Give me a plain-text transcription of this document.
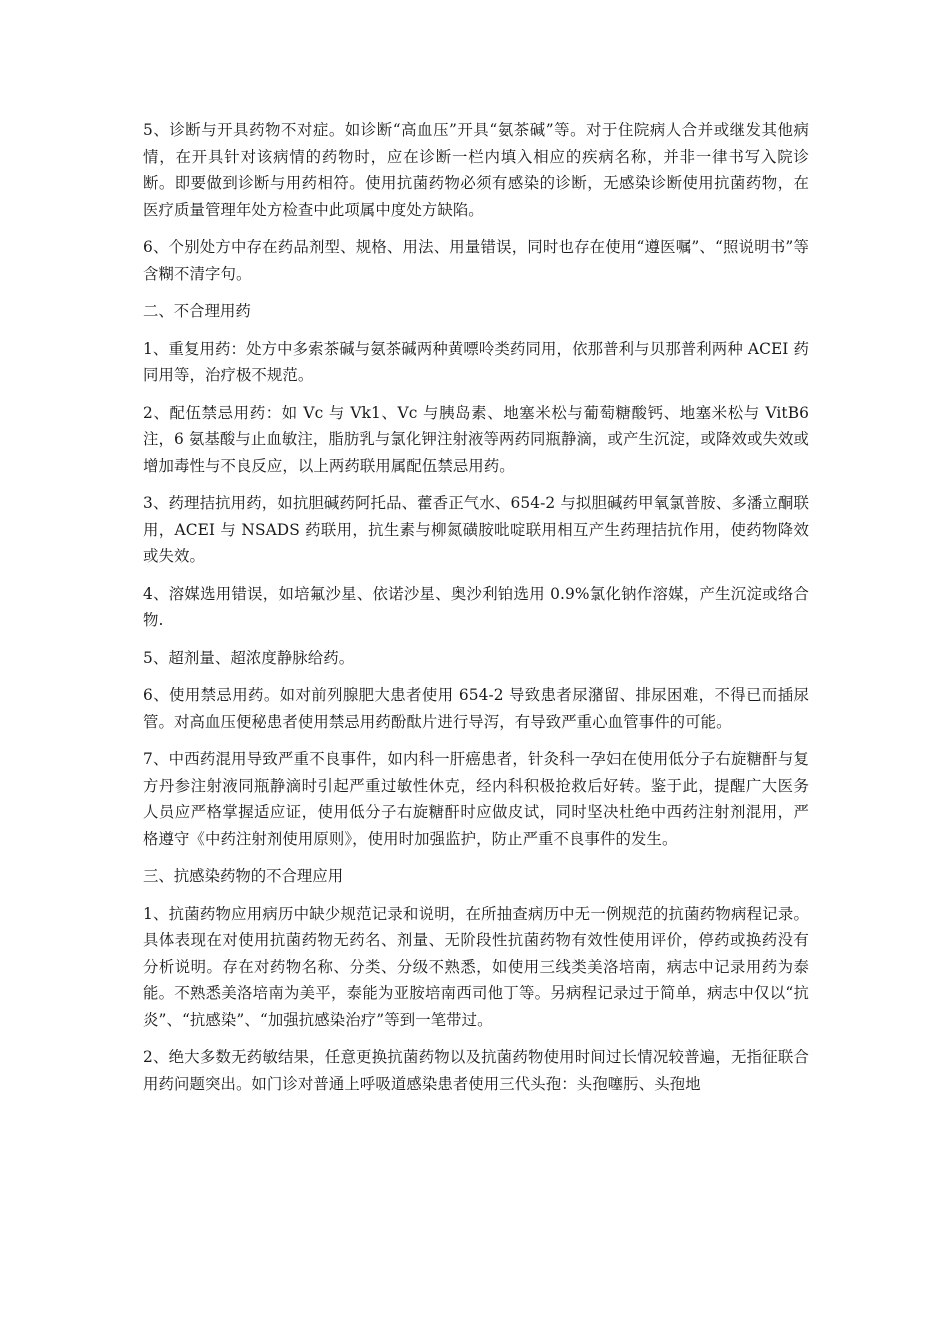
5、诊断与开具药物不对症。如诊断“高血压”开具“氨茶碱”等。对于住院病人合并或继发其他病情，在开具针对该病情的药物时，应在诊断一栏内填入相应的疾病名称，并非一律书写入院诊断。即要做到诊断与用药相符。使用抗菌药物必须有感染的诊断，无感染诊断使用抗菌药物，在医疗质量管理年处方检查中此项属中度处方缺陷。

6、个别处方中存在药品剂型、规格、用法、用量错误，同时也存在使用“遵医嘱”、“照说明书”等含糊不清字句。

二、不合理用药

1、重复用药：处方中多索茶碱与氨茶碱两种黄嘌呤类药同用，依那普利与贝那普利两种 ACEI 药同用等，治疗极不规范。

2、配伍禁忌用药：如 Vc 与 Vk1、Vc 与胰岛素、地塞米松与葡萄糖酸钙、地塞米松与 VitB6 注，6 氨基酸与止血敏注，脂肪乳与氯化钾注射液等两药同瓶静滴，或产生沉淀，或降效或失效或增加毒性与不良反应，以上两药联用属配伍禁忌用药。

3、药理拮抗用药，如抗胆碱药阿托品、藿香正气水、654-2 与拟胆碱药甲氧氯普胺、多潘立酮联用，ACEI 与 NSADS 药联用，抗生素与柳氮磺胺吡啶联用相互产生药理拮抗作用，使药物降效或失效。

4、溶媒选用错误，如培氟沙星、依诺沙星、奥沙利铂选用 0.9%氯化钠作溶媒，产生沉淀或络合物.

5、超剂量、超浓度静脉给药。

6、使用禁忌用药。如对前列腺肥大患者使用 654-2 导致患者尿潴留、排尿困难，不得已而插尿管。对高血压便秘患者使用禁忌用药酚酞片进行导泻，有导致严重心血管事件的可能。

7、中西药混用导致严重不良事件，如内科一肝癌患者，针灸科一孕妇在使用低分子右旋糖酐与复方丹参注射液同瓶静滴时引起严重过敏性休克，经内科积极抢救后好转。鉴于此，提醒广大医务人员应严格掌握适应证，使用低分子右旋糖酐时应做皮试，同时坚决杜绝中西药注射剂混用，严格遵守《中药注射剂使用原则》，使用时加强监护，防止严重不良事件的发生。

三、抗感染药物的不合理应用

1、抗菌药物应用病历中缺少规范记录和说明，在所抽查病历中无一例规范的抗菌药物病程记录。具体表现在对使用抗菌药物无药名、剂量、无阶段性抗菌药物有效性使用评价，停药或换药没有分析说明。存在对药物名称、分类、分级不熟悉，如使用三线类美洛培南，病志中记录用药为泰能。不熟悉美洛培南为美平，泰能为亚胺培南西司他丁等。另病程记录过于简单，病志中仅以“抗炎”、“抗感染”、“加强抗感染治疗”等到一笔带过。

2、绝大多数无药敏结果，任意更换抗菌药物以及抗菌药物使用时间过长情况较普遍，无指征联合用药问题突出。如门诊对普通上呼吸道感染患者使用三代头孢：头孢噻肟、头孢地
